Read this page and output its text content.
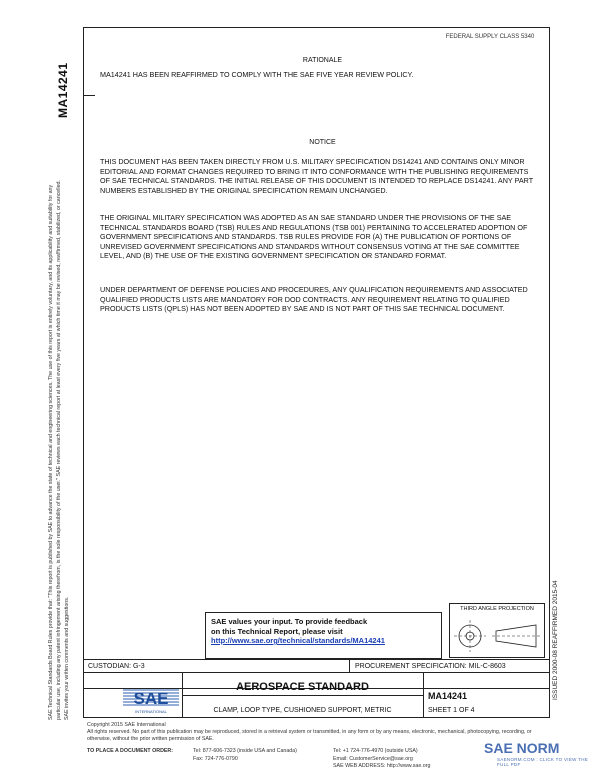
MA14241
SAE Technical Standards Board Rules provide that: "This report is published by SAE to advance the state of technical and engineering sciences. The use of this report is entirely voluntary, and its applicability and suitability for any particular use, including any patent infringement arising therefrom, is the sole responsibility of the user." SAE reviews each technical report at least every five years at which time it may be revised, reaffirmed, stabilized, or cancelled. SAE invites your written comments and suggestions.
FEDERAL SUPPLY CLASS 5340
RATIONALE
MA14241 HAS BEEN REAFFIRMED TO COMPLY WITH THE SAE FIVE YEAR REVIEW POLICY.
NOTICE
THIS DOCUMENT HAS BEEN TAKEN DIRECTLY FROM U.S. MILITARY SPECIFICATION DS14241 AND CONTAINS ONLY MINOR EDITORIAL AND FORMAT CHANGES REQUIRED TO BRING IT INTO CONFORMANCE WITH THE PUBLISHING REQUIREMENTS OF SAE TECHNICAL STANDARDS. THE INITIAL RELEASE OF THIS DOCUMENT IS INTENDED TO REPLACE DS14241. ANY PART NUMBERS ESTABLISHED BY THE ORIGINAL SPECIFICATION REMAIN UNCHANGED.
THE ORIGINAL MILITARY SPECIFICATION WAS ADOPTED AS AN SAE STANDARD UNDER THE PROVISIONS OF THE SAE TECHNICAL STANDARDS BOARD (TSB) RULES AND REGULATIONS (TSB 001) PERTAINING TO ACCELERATED ADOPTION OF GOVERNMENT SPECIFICATIONS AND STANDARDS. TSB RULES PROVIDE FOR (A) THE PUBLICATION OF PORTIONS OF UNREVISED GOVERNMENT SPECIFICATIONS AND STANDARDS WITHOUT CONSENSUS VOTING AT THE SAE COMMITTEE LEVEL, AND (B) THE USE OF THE EXISTING GOVERNMENT SPECIFICATION OR STANDARD FORMAT.
UNDER DEPARTMENT OF DEFENSE POLICIES AND PROCEDURES, ANY QUALIFICATION REQUIREMENTS AND ASSOCIATED QUALIFIED PRODUCTS LISTS ARE MANDATORY FOR DOD CONTRACTS. ANY REQUIREMENT RELATING TO QUALIFIED PRODUCTS LISTS (QPLS) HAS NOT BEEN ADOPTED BY SAE AND IS NOT PART OF THIS SAE TECHNICAL DOCUMENT.
ISSUED 2000-08 REAFFIRMED 2015-04
SAE values your input. To provide feedback
on this Technical Report, please visit
http://www.sae.org/technical/standards/MA14241
THIRD ANGLE PROJECTION
CUSTODIAN: G-3	PROCUREMENT SPECIFICATION: MIL-C-8603
SAE
INTERNATIONAL
AEROSPACE STANDARD
CLAMP, LOOP TYPE, CUSHIONED SUPPORT, METRIC
MA14241
SHEET 1 OF 4
Copyright 2015 SAE International
All rights reserved. No part of this publication may be reproduced, stored in a retrieval system or transmitted, in any form or by any means, electronic, mechanical, photocopying, recording, or otherwise, without the prior written permission of SAE.
TO PLACE A DOCUMENT ORDER:	Tel: 877-606-7323 (inside USA and Canada)	Tel: +1 724-776-4970 (outside USA)
Fax: 724-776-0790	Email: CustomerService@sae.org
SAE WEB ADDRESS: http://www.sae.org
SAE NORM
SAENORM.COM : CLICK TO VIEW THE FULL PDF
